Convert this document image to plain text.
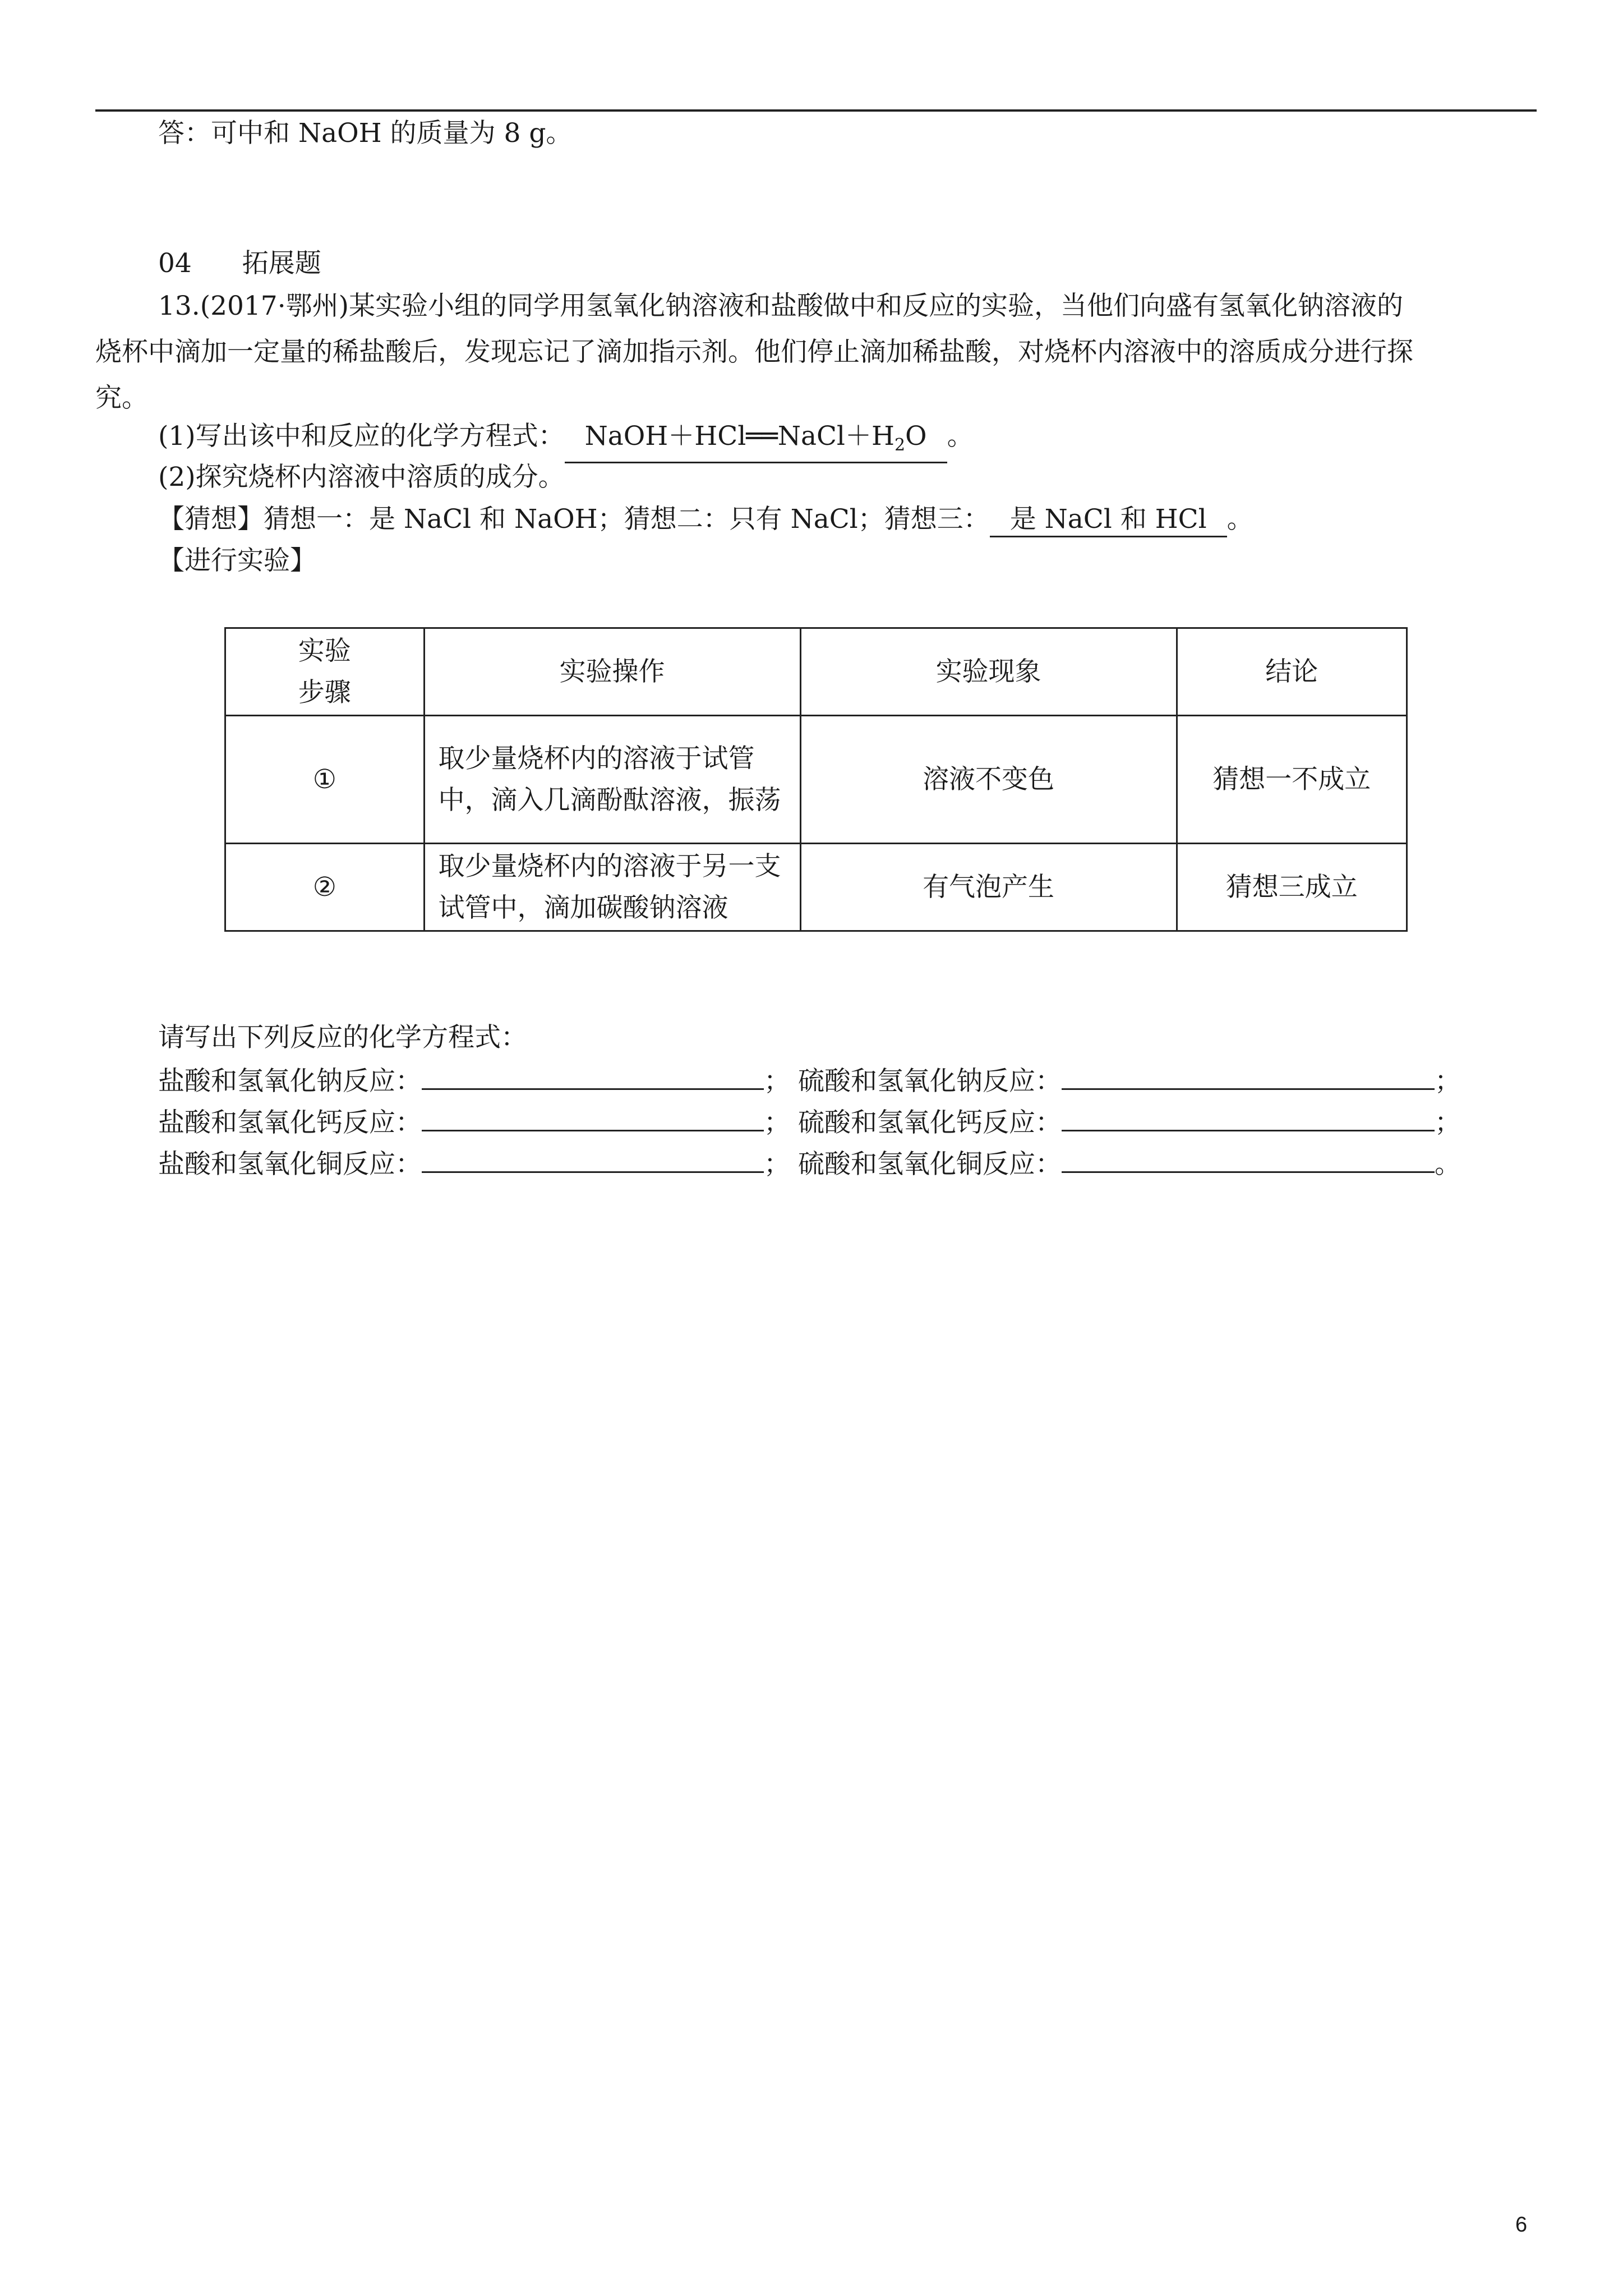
答：可中和 NaOH 的质量为 8 g。
04 拓展题
13.(2017·鄂州)某实验小组的同学用氢氧化钠溶液和盐酸做中和反应的实验，当他们向盛有氢氧化钠溶液的
烧杯中滴加一定量的稀盐酸后，发现忘记了滴加指示剂。他们停止滴加稀盐酸，对烧杯内溶液中的溶质成分进行探
究。
(1)写出该中和反应的化学方程式： $NaOH+HCl══NaCl+H_2O$ 。
(2)探究烧杯内溶液中溶质的成分。
【猜想】猜想一：是 NaCl 和 NaOH；猜想二：只有 NaCl；猜想三： 是 NaCl 和 HCl 。
【进行实验】
实验
步骤	实验操作	实验现象	结论
①	取少量烧杯内的溶液于试管中，滴入几滴酚酞溶液，振荡	溶液不变色	猜想一不成立
②	取少量烧杯内的溶液于另一支试管中，滴加碳酸钠溶液	有气泡产生	猜想三成立
请写出下列反应的化学方程式：
盐酸和氢氧化钠反应：	； 硫酸和氢氧化钠反应：	；
盐酸和氢氧化钙反应：	； 硫酸和氢氧化钙反应：	；
盐酸和氢氧化铜反应：	； 硫酸和氢氧化铜反应：	。
6
